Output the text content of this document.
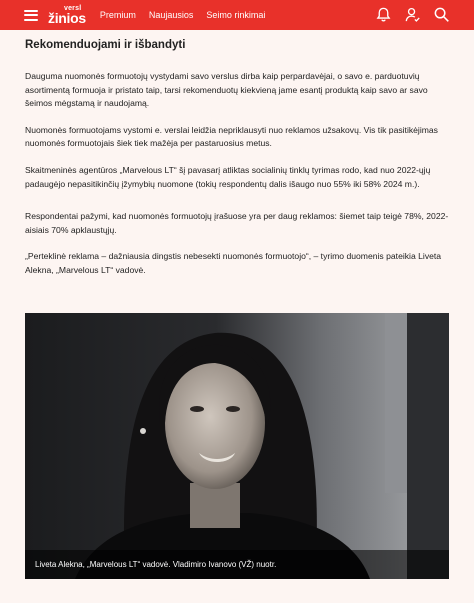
versl
žinios Premium Naujausios Seimo rinkimai
Rekomenduojami ir išbandyti

Dauguma nuomonės formuotojų vystydami savo verslus dirba kaip perpardavėjai, o savo e. parduotuvių asortimentą formuoja ir pristato taip, tarsi rekomenduotų kiekvieną jame esantį produktą kaip savo ar savo šeimos mėgstamą ir naudojamą.

Nuomonės formuotojams vystomi e. verslai leidžia nepriklausyti nuo reklamos užsakovų. Vis tik pasitikėjimas nuomonės formuotojais šiek tiek mažėja per pastaruosius metus.

Skaitmeninės agentūros „Marvelous LT“ šį pavasarį atliktas socialinių tinklų tyrimas rodo, kad nuo 2022-ųjų padaugėjo nepasitikinčių įžymybių nuomone (tokių respondentų dalis išaugo nuo 55% iki 58% 2024 m.).

Respondentai pažymi, kad nuomonės formuotojų įrašuose yra per daug reklamos: šiemet taip teigė 78%, 2022-aisiais 70% apklaustųjų.

„Perteklinė reklama – dažniausia dingstis nebesekti nuomonės formuotojo“, – tyrimo duomenis pateikia Liveta Alekna, „Marvelous LT“ vadovė.

Liveta Alekna, „Marvelous LT“ vadovė. Vladimiro Ivanovo (VŽ) nuotr.
